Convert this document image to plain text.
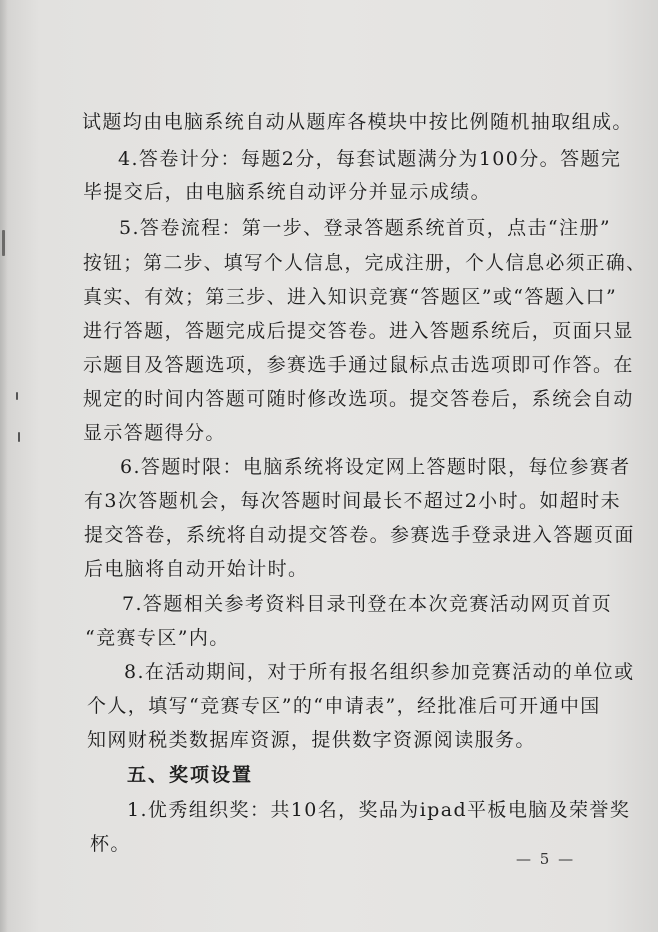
试题均由电脑系统自动从题库各模块中按比例随机抽取组成。
4.答卷计分：每题2分，每套试题满分为100分。答题完
毕提交后，由电脑系统自动评分并显示成绩。
5.答卷流程：第一步、登录答题系统首页，点击“注册”
按钮；第二步、填写个人信息，完成注册，个人信息必须正确、
真实、有效；第三步、进入知识竞赛“答题区”或“答题入口”
进行答题，答题完成后提交答卷。进入答题系统后，页面只显
示题目及答题选项，参赛选手通过鼠标点击选项即可作答。在
规定的时间内答题可随时修改选项。提交答卷后，系统会自动
显示答题得分。
6.答题时限：电脑系统将设定网上答题时限，每位参赛者
有3次答题机会，每次答题时间最长不超过2小时。如超时未
提交答卷，系统将自动提交答卷。参赛选手登录进入答题页面
后电脑将自动开始计时。
7.答题相关参考资料目录刊登在本次竞赛活动网页首页
“竞赛专区”内。
8.在活动期间，对于所有报名组织参加竞赛活动的单位或
个人，填写“竞赛专区”的“申请表”，经批准后可开通中国
知网财税类数据库资源，提供数字资源阅读服务。
五、奖项设置
1.优秀组织奖：共10名，奖品为ipad平板电脑及荣誉奖
杯。
— 5 —
